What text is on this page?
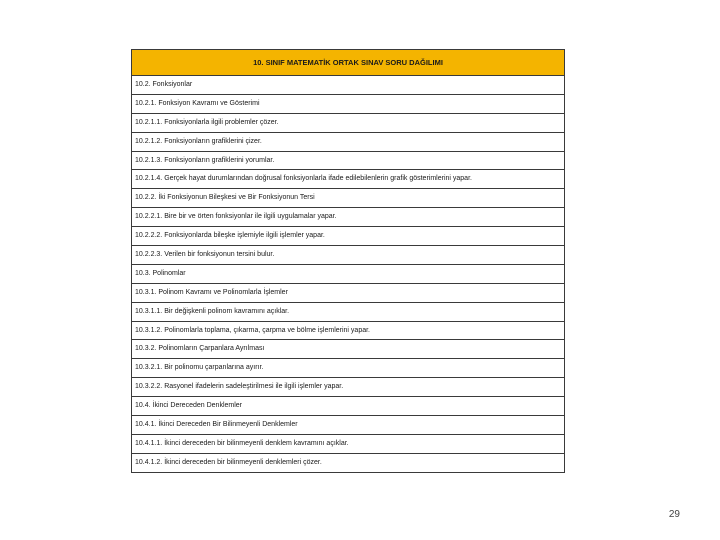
10. SINIF MATEMATİK ORTAK SINAV SORU DAĞILIMI
10.2. Fonksiyonlar
10.2.1. Fonksiyon Kavramı ve Gösterimi
10.2.1.1. Fonksiyonlarla ilgili problemler çözer.
10.2.1.2. Fonksiyonların grafiklerini çizer.
10.2.1.3. Fonksiyonların grafiklerini yorumlar.
10.2.1.4. Gerçek hayat durumlarından doğrusal fonksiyonlarla ifade edilebilenlerin grafik gösterimlerini yapar.
10.2.2. İki Fonksiyonun Bileşkesi ve Bir Fonksiyonun Tersi
10.2.2.1. Bire bir ve örten fonksiyonlar ile ilgili uygulamalar yapar.
10.2.2.2. Fonksiyonlarda bileşke işlemiyle ilgili işlemler yapar.
10.2.2.3. Verilen bir fonksiyonun tersini bulur.
10.3. Polinomlar
10.3.1. Polinom Kavramı ve Polinomlarla İşlemler
10.3.1.1. Bir değişkenli polinom kavramını açıklar.
10.3.1.2. Polinomlarla toplama, çıkarma, çarpma ve bölme işlemlerini yapar.
10.3.2. Polinomların Çarpanlara Ayrılması
10.3.2.1. Bir polinomu çarpanlarına ayırır.
10.3.2.2. Rasyonel ifadelerin sadeleştirilmesi ile ilgili işlemler yapar.
10.4. İkinci Dereceden Denklemler
10.4.1. İkinci Dereceden Bir Bilinmeyenli Denklemler
10.4.1.1. İkinci dereceden bir bilinmeyenli denklem kavramını açıklar.
10.4.1.2. İkinci dereceden bir bilinmeyenli denklemleri çözer.
29
